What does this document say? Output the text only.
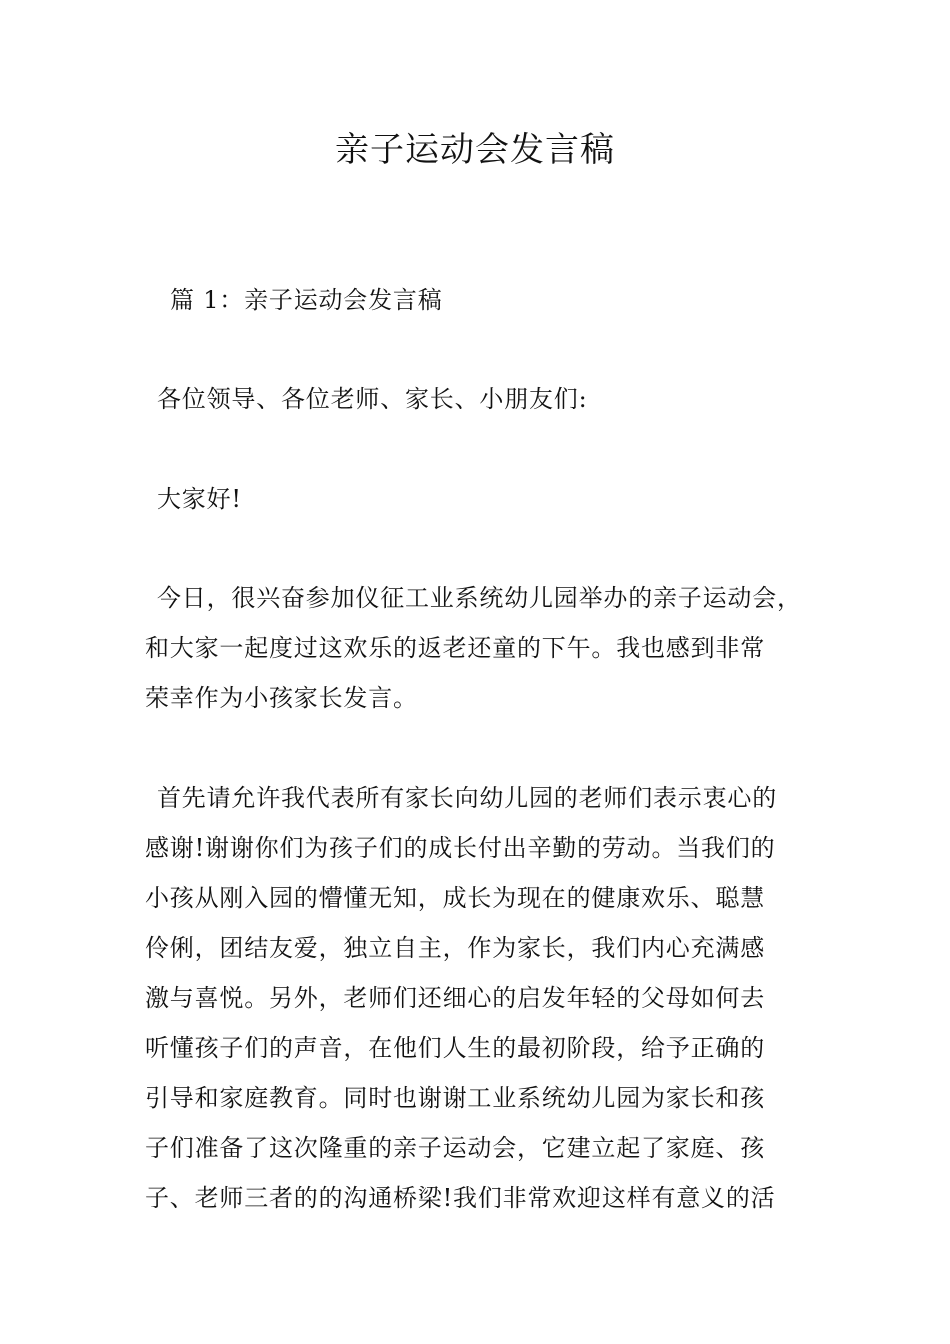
亲子运动会发言稿
篇 1：亲子运动会发言稿
各位领导、各位老师、家长、小朋友们:
大家好!
今日，很兴奋参加仪征工业系统幼儿园举办的亲子运动会，
和大家一起度过这欢乐的返老还童的下午。我也感到非常
荣幸作为小孩家长发言。
首先请允许我代表所有家长向幼儿园的老师们表示衷心的
感谢!谢谢你们为孩子们的成长付出辛勤的劳动。当我们的
小孩从刚入园的懵懂无知，成长为现在的健康欢乐、聪慧
伶俐，团结友爱，独立自主，作为家长，我们内心充满感
激与喜悦。另外，老师们还细心的启发年轻的父母如何去
听懂孩子们的声音，在他们人生的最初阶段，给予正确的
引导和家庭教育。同时也谢谢工业系统幼儿园为家长和孩
子们准备了这次隆重的亲子运动会，它建立起了家庭、孩
子、老师三者的的沟通桥梁!我们非常欢迎这样有意义的活
